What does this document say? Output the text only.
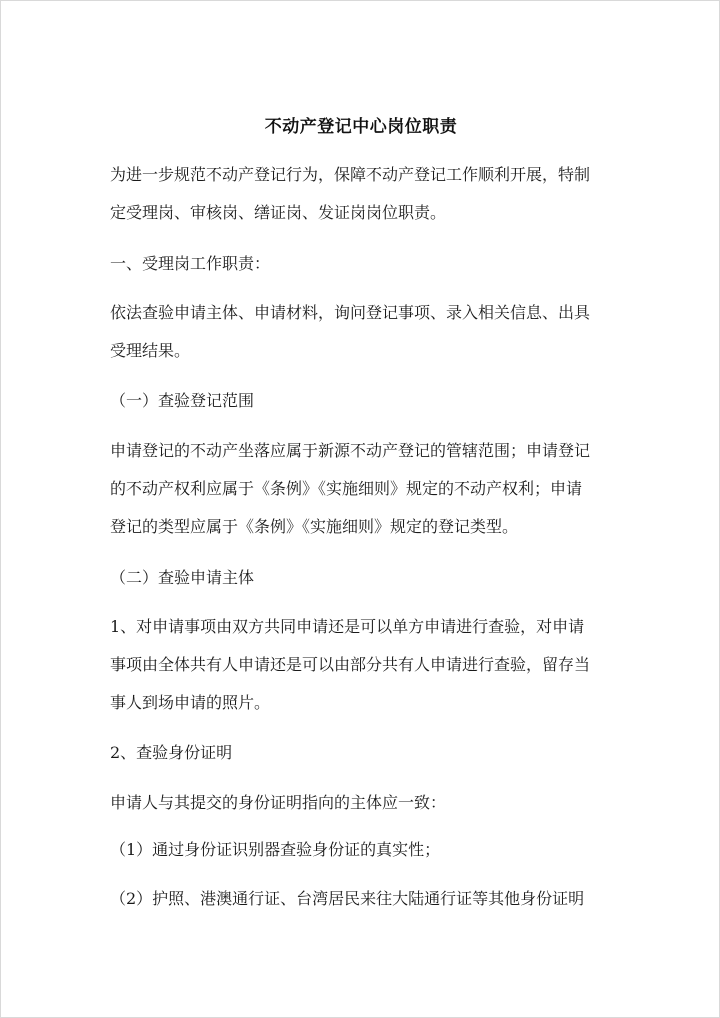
不动产登记中心岗位职责

为进一步规范不动产登记行为，保障不动产登记工作顺利开展，特制
定受理岗、审核岗、缮证岗、发证岗岗位职责。

一、受理岗工作职责：

依法查验申请主体、申请材料，询问登记事项、录入相关信息、出具
受理结果。

（一）查验登记范围

申请登记的不动产坐落应属于新源不动产登记的管辖范围；申请登记
的不动产权利应属于《条例》《实施细则》规定的不动产权利；申请
登记的类型应属于《条例》《实施细则》规定的登记类型。

（二）查验申请主体

1、对申请事项由双方共同申请还是可以单方申请进行查验，对申请
事项由全体共有人申请还是可以由部分共有人申请进行查验，留存当
事人到场申请的照片。

2、查验身份证明

申请人与其提交的身份证明指向的主体应一致：

（1）通过身份证识别器查验身份证的真实性；

（2）护照、港澳通行证、台湾居民来往大陆通行证等其他身份证明
